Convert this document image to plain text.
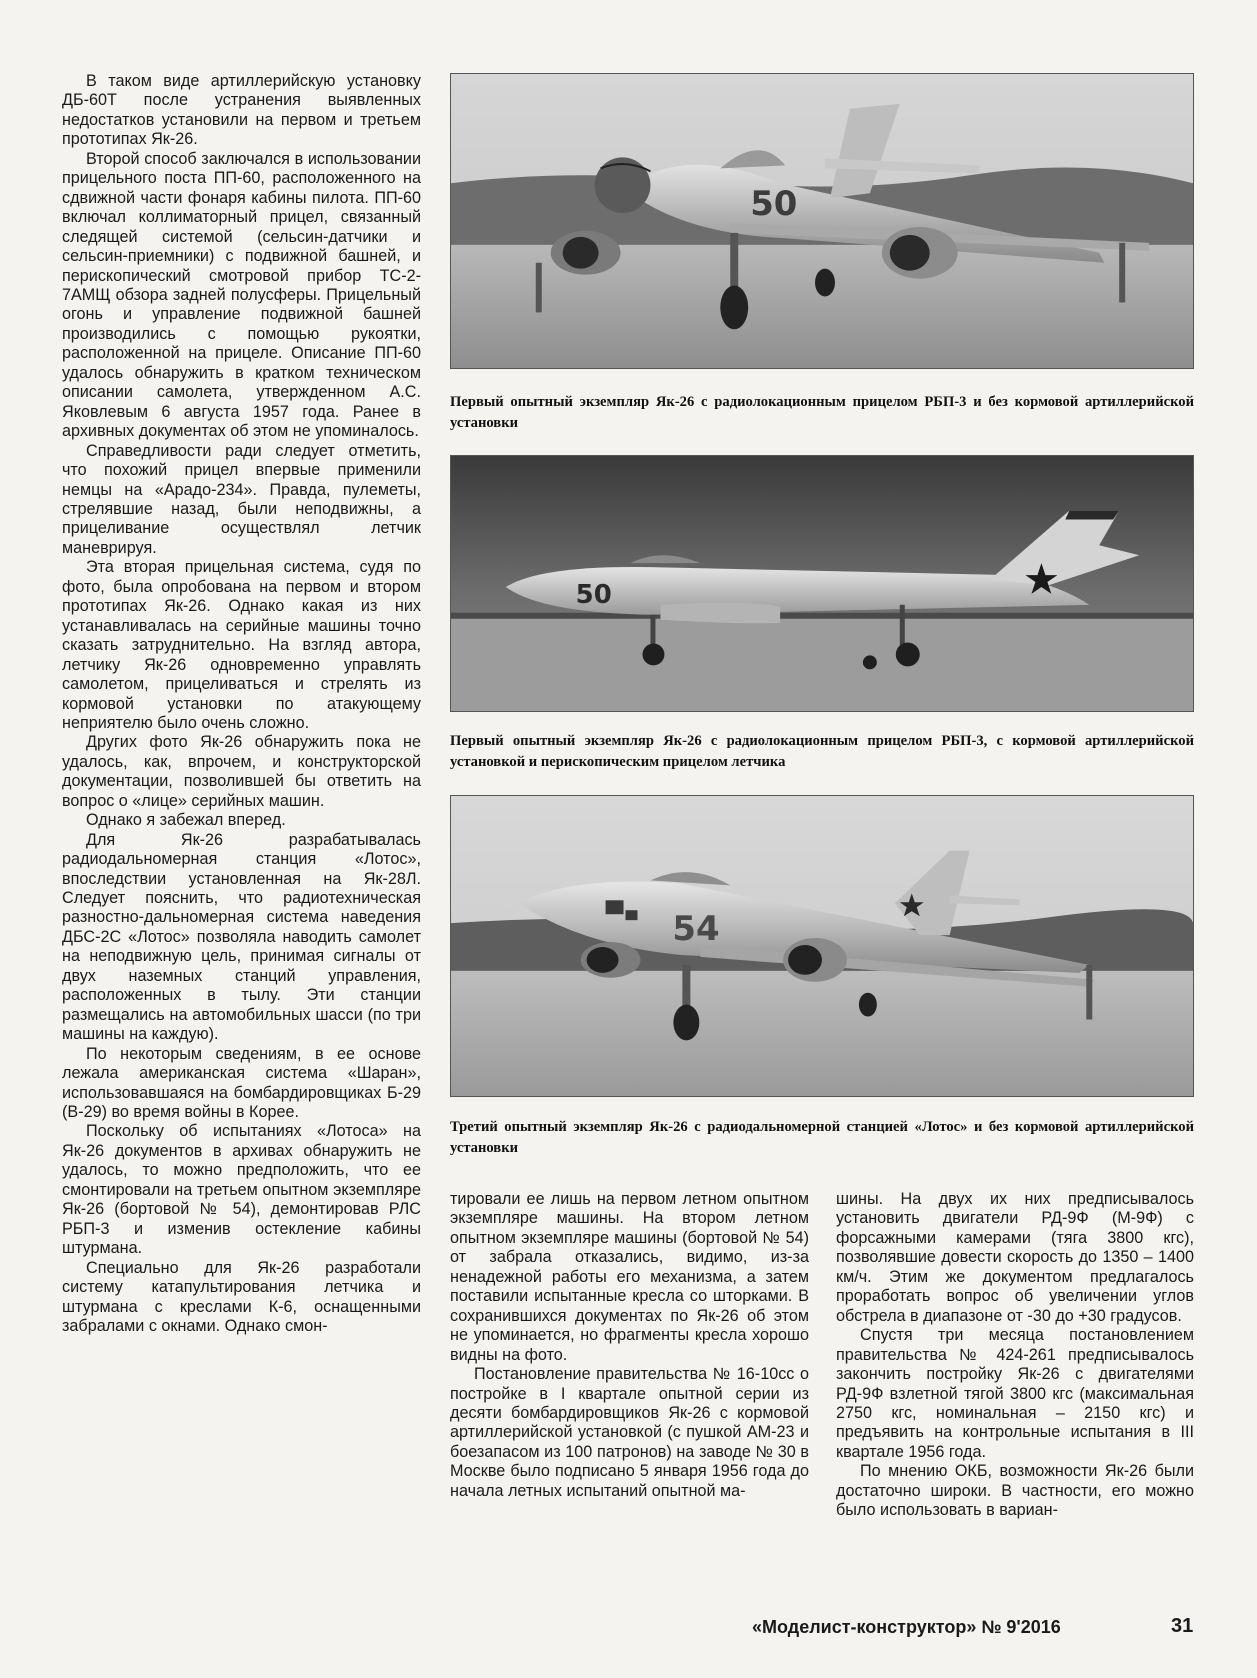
В таком виде артиллерийскую установку ДБ-60Т после устранения выявленных недостатков установили на первом и третьем прототипах Як-26.

Второй способ заключался в использовании прицельного поста ПП-60, расположенного на сдвижной части фонаря кабины пилота. ПП-60 включал коллиматорный прицел, связанный следящей системой (сельсин-датчики и сельсин-приемники) с подвижной башней, и перископический смотровой прибор ТС-2-7АМЩ обзора задней полусферы. Прицельный огонь и управление подвижной башней производились с помощью рукоятки, расположенной на прицеле. Описание ПП-60 удалось обнаружить в кратком техническом описании самолета, утвержденном А.С. Яковлевым 6 августа 1957 года. Ранее в архивных документах об этом не упоминалось.

Справедливости ради следует отметить, что похожий прицел впервые применили немцы на «Арадо-234». Правда, пулеметы, стрелявшие назад, были неподвижны, а прицеливание осуществлял летчик маневрируя.

Эта вторая прицельная система, судя по фото, была опробована на первом и втором прототипах Як-26. Однако какая из них устанавливалась на серийные машины точно сказать затруднительно. На взгляд автора, летчику Як-26 одновременно управлять самолетом, прицеливаться и стрелять из кормовой установки по атакующему неприятелю было очень сложно.

Других фото Як-26 обнаружить пока не удалось, как, впрочем, и конструкторской документации, позволившей бы ответить на вопрос о «лице» серийных машин.

Однако я забежал вперед.

Для Як-26 разрабатывалась радиодальномерная станция «Лотос», впоследствии установленная на Як-28Л. Следует пояснить, что радиотехническая разностно-дальномерная система наведения ДБС-2С «Лотос» позволяла наводить самолет на неподвижную цель, принимая сигналы от двух наземных станций управления, расположенных в тылу. Эти станции размещались на автомобильных шасси (по три машины на каждую).

По некоторым сведениям, в ее основе лежала американская система «Шаран», использовавшаяся на бомбардировщиках Б-29 (В-29) во время войны в Корее.

Поскольку об испытаниях «Лотоса» на Як-26 документов в архивах обнаружить не удалось, то можно предположить, что ее смонтировали на третьем опытном экземпляре Як-26 (бортовой № 54), демонтировав РЛС РБП-3 и изменив остекление кабины штурмана.

Специально для Як-26 разработали систему катапультирования летчика и штурмана с креслами К-6, оснащенными забралами с окнами. Однако смон-

50
Первый опытный экземпляр Як-26 с радиолокационным прицелом РБП-3 и без кормовой артиллерийской установки
50
Первый опытный экземпляр Як-26 с радиолокационным прицелом РБП-3, с кормовой артиллерийской установкой и перископическим прицелом летчика
54
Третий опытный экземпляр Як-26 с радиодальномерной станцией «Лотос» и без кормовой артиллерийской установки

тировали ее лишь на первом летном опытном экземпляре машины. На втором летном опытном экземпляре машины (бортовой № 54) от забрала отказались, видимо, из-за ненадежной работы его механизма, а затем поставили испытанные кресла со шторками. В сохранившихся документах по Як-26 об этом не упоминается, но фрагменты кресла хорошо видны на фото.

Постановление правительства № 16-10сс о постройке в I квартале опытной серии из десяти бомбардировщиков Як-26 с кормовой артиллерийской установкой (с пушкой АМ-23 и боезапасом из 100 патронов) на заводе № 30 в Москве было подписано 5 января 1956 года до начала летных испытаний опытной ма-

шины. На двух их них предписывалось установить двигатели РД-9Ф (М-9Ф) с форсажными камерами (тяга 3800 кгс), позволявшие довести скорость до 1350 – 1400 км/ч. Этим же документом предлагалось проработать вопрос об увеличении углов обстрела в диапазоне от -30 до +30 градусов.

Спустя три месяца постановлением правительства № 424-261 предписывалось закончить постройку Як-26 с двигателями РД-9Ф взлетной тягой 3800 кгс (максимальная 2750 кгс, номинальная – 2150 кгс) и предъявить на контрольные испытания в III квартале 1956 года.

По мнению ОКБ, возможности Як-26 были достаточно широки. В частности, его можно было использовать в вариан-

«Моделист-конструктор» № 9'2016	31
